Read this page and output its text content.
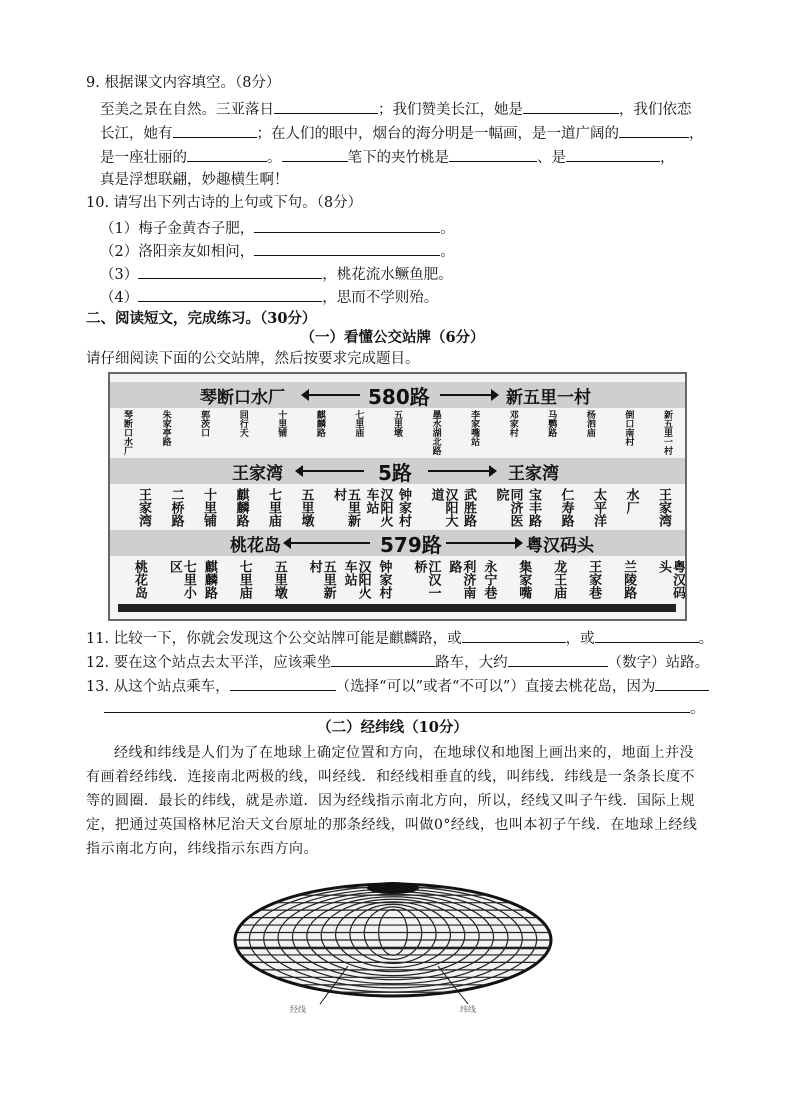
9. 根据课文内容填空。（8分）
至美之景在自然。三亚落日	；我们赞美长江，她是	，我们依恋
长江，她有	；在人们的眼中，烟台的海分明是一幅画，是一道广阔的	，
是一座壮丽的	。	笔下的夹竹桃是	、是	，
真是浮想联翩，妙趣横生啊！
10. 请写出下列古诗的上句或下句。（8分）
（1）梅子金黄杏子肥，	。
（2）洛阳亲友如相问，	。
（3）	，桃花流水鳜鱼肥。
（4）	，思而不学则殆。
二、阅读短文，完成练习。（30分）
（一）看懂公交站牌（6分）
请仔细阅读下面的公交站牌，然后按要求完成题目。
琴断口水厂	580路	新五里一村
琴断口水厂	朱家亭路	郭茨口	回行天	十里铺	麒麟路	七里庙	五里墩	墨水湖北路	李家嘴站	邓家村	马鹦路	杨泗庙	倒口南村	新五里一村
王家湾	5路	王家湾
王家湾 二桥路 十里铺 麒麟路 七里庙 五里墩	五里新村	汉阳火车站	钟家村	汉阳大道	武胜路	同济医院	宝丰路 仁寿路 太平洋 水厂 王家湾
桃花岛	579路	粤汉码头
桃花岛	七里小区	麒麟路 七里庙 五里墩	五里新村	汉阳火车站	钟家村	江汉一桥	利济南路	永宁巷 集家嘴 龙王庙 王家巷 兰陵路	粤汉码头
11. 比较一下，你就会发现这个公交站牌可能是麒麟路，或	，或	。
12. 要在这个站点去太平洋，应该乘坐	路车，大约	（数字）站路。
13. 从这个站点乘车，	（选择“可以”或者“不可以”）直接去桃花岛，因为
。
（二）经纬线（10分）
经线和纬线是人们为了在地球上确定位置和方向，在地球仪和地图上画出来的，地面上并没有画着经纬线．连接南北两极的线，叫经线．和经线相垂直的线，叫纬线．纬线是一条条长度不等的圆圈．最长的纬线，就是赤道．因为经线指示南北方向，所以，经线又叫子午线．国际上规定，把通过英国格林尼治天文台原址的那条经线，叫做0°经线，也叫本初子午线．在地球上经线指示南北方向，纬线指示东西方向。
经线	纬线
